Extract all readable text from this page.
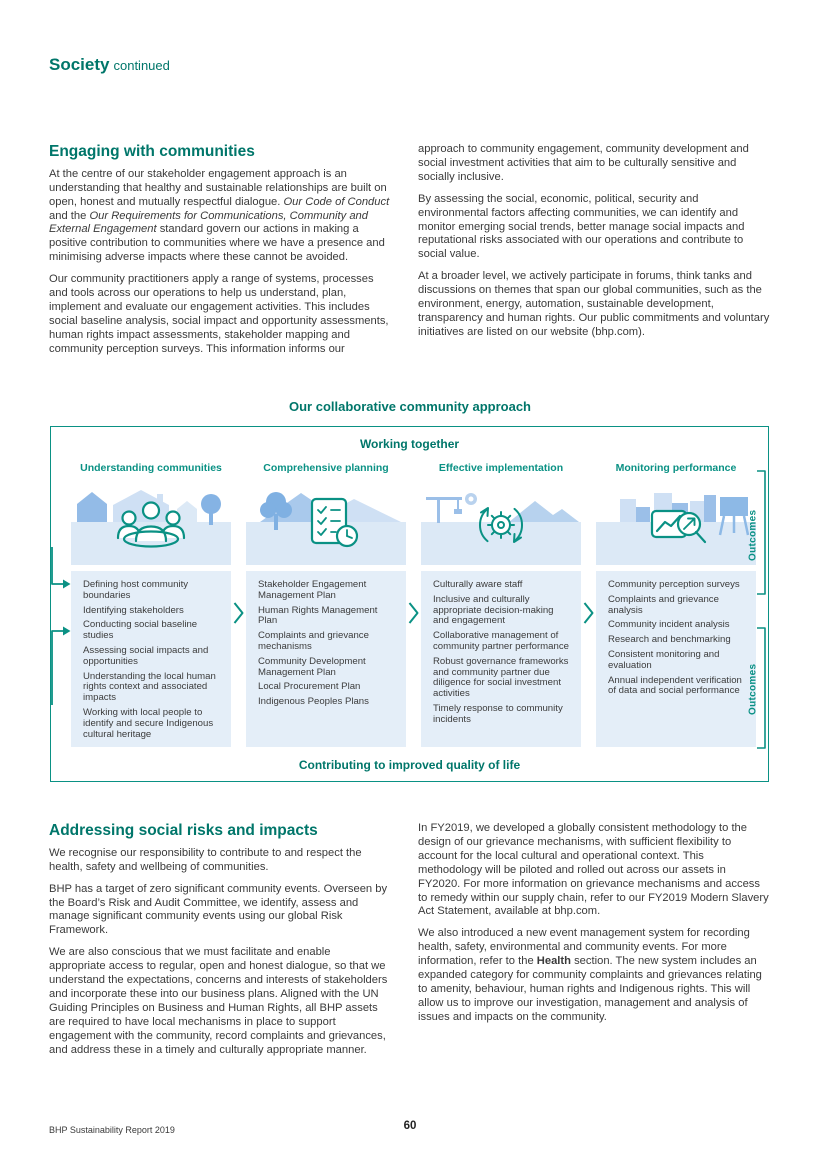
Society continued
Engaging with communities

At the centre of our stakeholder engagement approach is an understanding that healthy and sustainable relationships are built on open, honest and mutually respectful dialogue. Our Code of Conduct and the Our Requirements for Communications, Community and External Engagement standard govern our actions in making a positive contribution to communities where we have a presence and minimising adverse impacts where these cannot be avoided.

Our community practitioners apply a range of systems, processes and tools across our operations to help us understand, plan, implement and evaluate our engagement activities. This includes social baseline analysis, social impact and opportunity assessments, human rights impact assessments, stakeholder mapping and community perception surveys. This information informs our

approach to community engagement, community development and social investment activities that aim to be culturally sensitive and socially inclusive.

By assessing the social, economic, political, security and environmental factors affecting communities, we can identify and monitor emerging social trends, better manage social impacts and reputational risks associated with our operations and contribute to social value.

At a broader level, we actively participate in forums, think tanks and discussions on themes that span our global communities, such as the environment, energy, automation, sustainable development, transparency and human rights. Our public commitments and voluntary initiatives are listed on our website (bhp.com).

Our collaborative community approach
Working together
Understanding communities
Defining host community boundaries
Identifying stakeholders
Conducting social baseline studies
Assessing social impacts and opportunities
Understanding the local human rights context and associated impacts
Working with local people to identify and secure Indigenous cultural heritage
Comprehensive planning
Stakeholder Engagement Management Plan
Human Rights Management Plan
Complaints and grievance mechanisms
Community Development Management Plan
Local Procurement Plan
Indigenous Peoples Plans
Effective implementation
Culturally aware staff
Inclusive and culturally appropriate decision-making and engagement
Collaborative management of community partner performance
Robust governance frameworks and community partner due diligence for social investment activities
Timely response to community incidents
Monitoring performance
Community perception surveys
Complaints and grievance analysis
Community incident analysis
Research and benchmarking
Consistent monitoring and evaluation
Annual independent verification of data and social performance
Outcomes
Outcomes
Contributing to improved quality of life
Addressing social risks and impacts

We recognise our responsibility to contribute to and respect the health, safety and wellbeing of communities.

BHP has a target of zero significant community events. Overseen by the Board’s Risk and Audit Committee, we identify, assess and manage significant community events using our global Risk Framework.

We are also conscious that we must facilitate and enable appropriate access to regular, open and honest dialogue, so that we understand the expectations, concerns and interests of stakeholders and incorporate these into our business plans. Aligned with the UN Guiding Principles on Business and Human Rights, all BHP assets are required to have local mechanisms in place to support engagement with the community, record complaints and grievances, and address these in a timely and culturally appropriate manner.

In FY2019, we developed a globally consistent methodology to the design of our grievance mechanisms, with sufficient flexibility to account for the local cultural and operational context. This methodology will be piloted and rolled out across our assets in FY2020. For more information on grievance mechanisms and access to remedy within our supply chain, refer to our FY2019 Modern Slavery Act Statement, available at bhp.com.

We also introduced a new event management system for recording health, safety, environmental and community events. For more information, refer to the Health section. The new system includes an expanded category for community complaints and grievances relating to amenity, behaviour, human rights and Indigenous rights. This will allow us to improve our investigation, management and analysis of issues and impacts on the community.

BHP Sustainability Report 2019	60
